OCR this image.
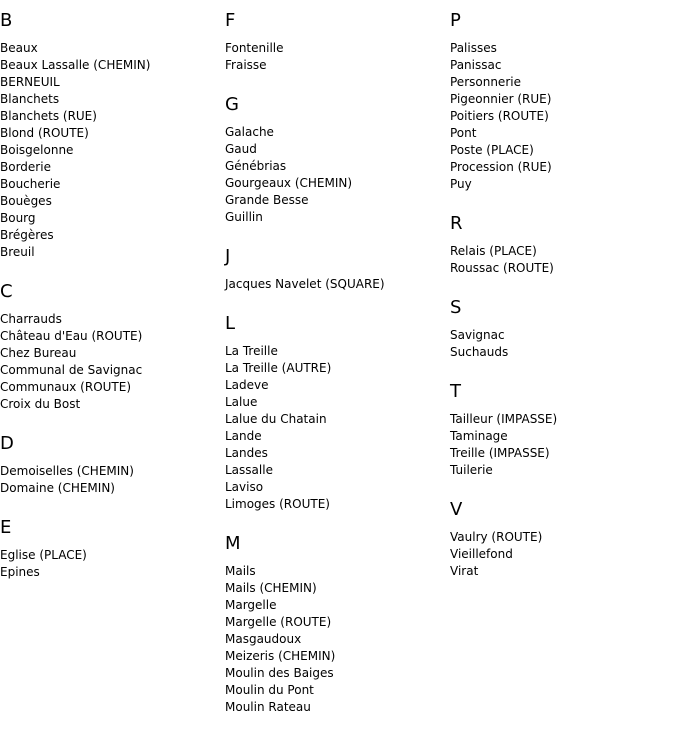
B
Beaux
Beaux Lassalle (CHEMIN)
BERNEUIL
Blanchets
Blanchets (RUE)
Blond (ROUTE)
Boisgelonne
Borderie
Boucherie
Bouèges
Bourg
Brégères
Breuil
C
Charrauds
Château d'Eau (ROUTE)
Chez Bureau
Communal de Savignac
Communaux (ROUTE)
Croix du Bost
D
Demoiselles (CHEMIN)
Domaine (CHEMIN)
E
Eglise (PLACE)
Epines
F
Fontenille
Fraisse
G
Galache
Gaud
Génébrias
Gourgeaux (CHEMIN)
Grande Besse
Guillin
J
Jacques Navelet (SQUARE)
L
La Treille
La Treille (AUTRE)
Ladeve
Lalue
Lalue du Chatain
Lande
Landes
Lassalle
Laviso
Limoges (ROUTE)
M
Mails
Mails (CHEMIN)
Margelle
Margelle (ROUTE)
Masgaudoux
Meizeris (CHEMIN)
Moulin des Baiges
Moulin du Pont
Moulin Rateau
P
Palisses
Panissac
Personnerie
Pigeonnier (RUE)
Poitiers (ROUTE)
Pont
Poste (PLACE)
Procession (RUE)
Puy
R
Relais (PLACE)
Roussac (ROUTE)
S
Savignac
Suchauds
T
Tailleur (IMPASSE)
Taminage
Treille (IMPASSE)
Tuilerie
V
Vaulry (ROUTE)
Vieillefond
Virat
